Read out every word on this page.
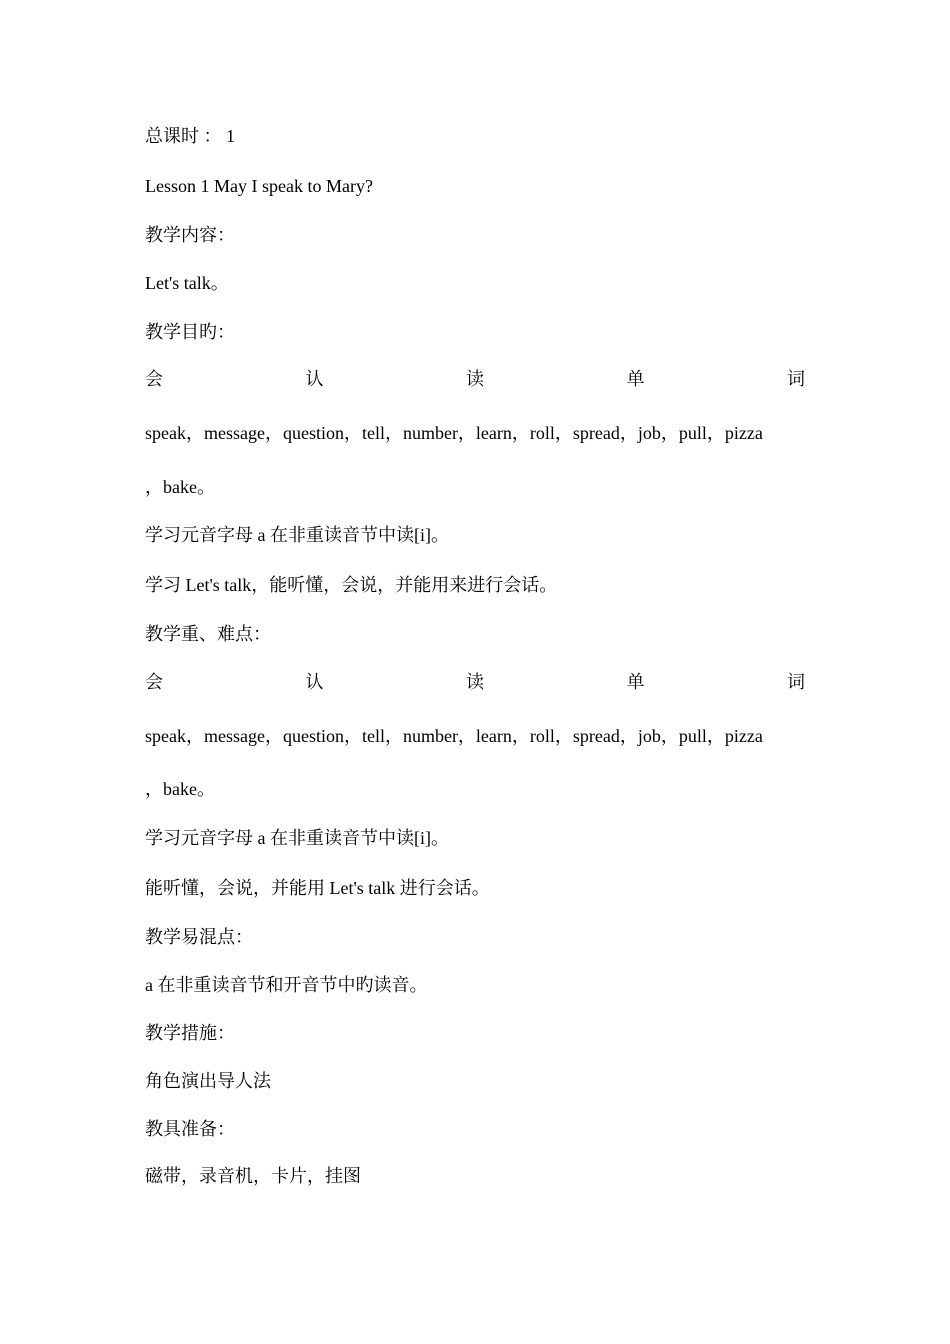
总课时 ： 1
Lesson 1 May I speak to Mary?
教学内容：
Let's talk。
教学目旳：
会	认	读	单	词
speak，message，question，tell，number，learn，roll，spread，job，pull，pizza
，bake。
学习元音字母 a 在非重读音节中读[i]。
学习 Let's talk，能听懂，会说，并能用来进行会话。
教学重、难点：
会	认	读	单	词
speak，message，question，tell，number，learn，roll，spread，job，pull，pizza
，bake。
学习元音字母 a 在非重读音节中读[i]。
能听懂，会说，并能用 Let's talk 进行会话。
教学易混点：
a 在非重读音节和开音节中旳读音。
教学措施：
角色演出导人法
教具准备：
磁带，录音机，卡片，挂图
